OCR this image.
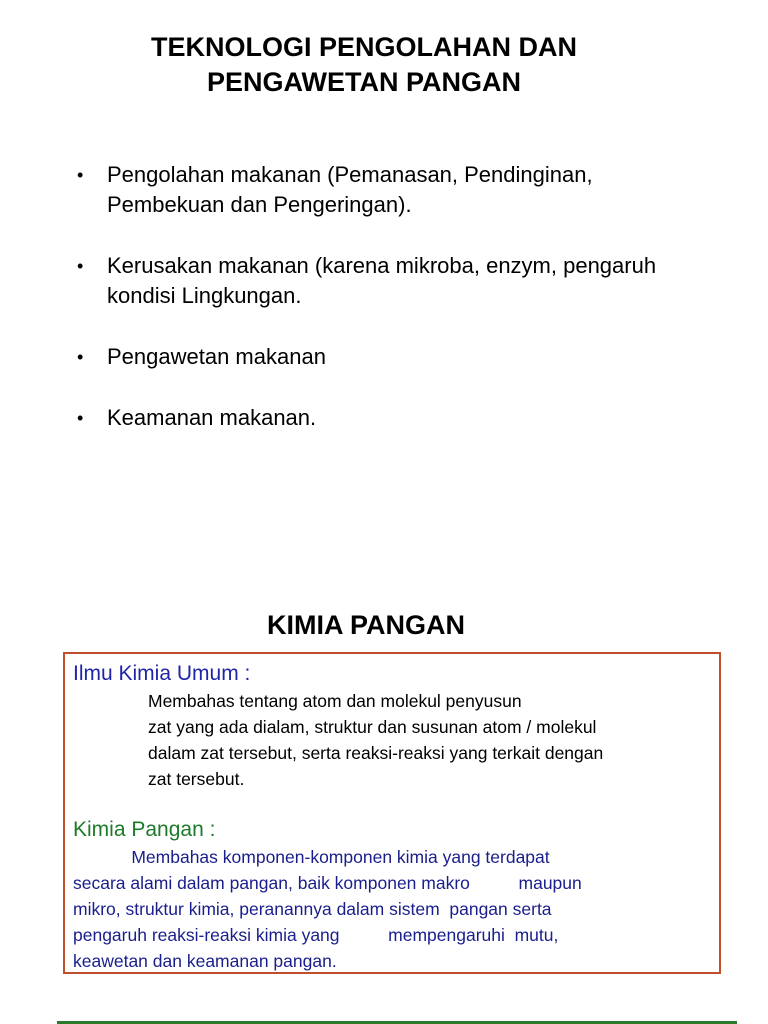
TEKNOLOGI PENGOLAHAN DAN
PENGAWETAN PANGAN
• Pengolahan makanan (Pemanasan, Pendinginan, Pembekuan dan Pengeringan).
• Kerusakan makanan (karena mikroba, enzym, pengaruh kondisi Lingkungan.
• Pengawetan makanan
• Keamanan makanan.
KIMIA PANGAN
Ilmu Kimia Umum :
Membahas tentang atom dan molekul penyusun
zat yang ada dialam, struktur dan susunan atom / molekul
dalam zat tersebut, serta reaksi-reaksi yang terkait dengan
zat tersebut.
Kimia Pangan :
Membahas komponen-komponen kimia yang terdapat
secara alami dalam pangan, baik komponen makro          maupun
mikro, struktur kimia, peranannya dalam sistem  pangan serta
pengaruh reaksi-reaksi kimia yang          mempengaruhi  mutu,
keawetan dan keamanan pangan.
